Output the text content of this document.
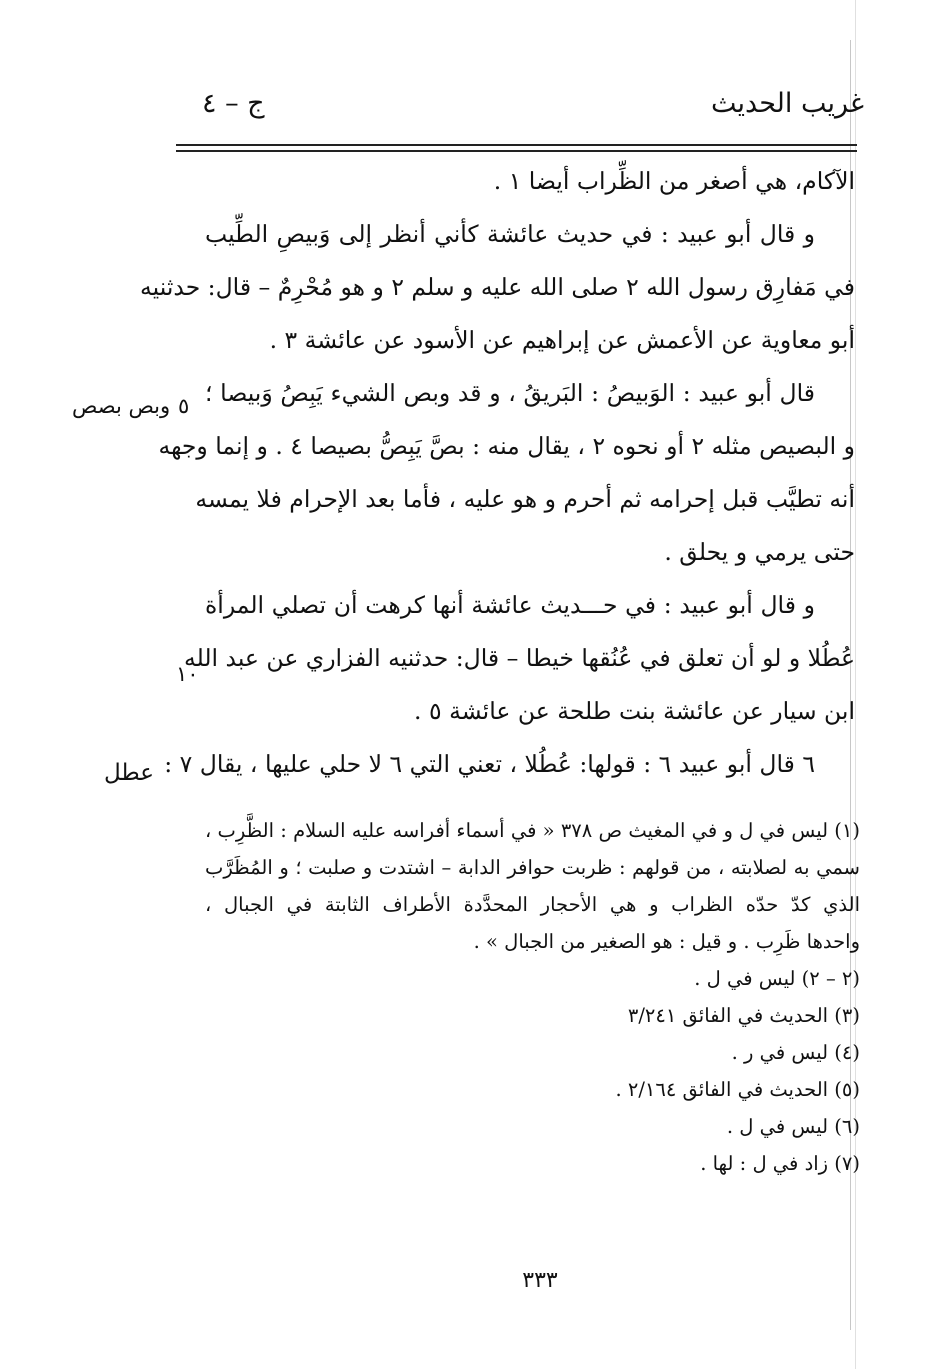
غريب الحديث
ج – ٤
الآكام، هي أصغر من الظِّراب أيضا ١ .
و قال أبو عبيد : في حديث عائشة كأني أنظر إلى وَبيصِ الطِّيب
في مَفارِق رسول الله ٢ صلى الله عليه و سلم ٢ و هو مُحْرِمٌ – قال: حدثنيه
أبو معاوية عن الأعمش عن إبراهيم عن الأسود عن عائشة ٣ .
قال أبو عبيد : الوَبيصُ : البَريقُ ، و قد وبص الشيء يَبِصُ وَبيصا ؛
و البصيص مثله ٢ أو نحوه ٢ ، يقال منه : بصَّ يَبِصُّ بصيصا ٤ . و إنما وجهه
أنه تطيَّب قبل إحرامه ثم أحرم و هو عليه ، فأما بعد الإحرام فلا يمسه
حتى يرمي و يحلق .
و قال أبو عبيد : في حـــديث عائشة أنها كرهت أن تصلي المرأة
عُطُلا و لو أن تعلق في عُنُقها خيطا – قال: حدثنيه الفزاري عن عبد الله
ابن سيار عن عائشة بنت طلحة عن عائشة ٥ .
٦ قال أبو عبيد ٦ : قولها: عُطُلا ، تعني التي ٦ لا حلي عليها ، يقال ٧ :
وبص بصص ٥
١٠
عطل
(١) ليس في ل و في المغيث ص ٣٧٨ « في أسماء أفراسه عليه السلام : الظَّرِب ،
سمي به لصلابته ، من قولهم : ظربت حوافر الدابة – اشتدت و صلبت ؛ و المُظَرَّب
الذي كدّ حدّه الظراب و هي الأحجار المحدَّدة الأطراف الثابتة في الجبال ،
واحدها ظَرِب . و قيل : هو الصغير من الجبال » .
(٢ – ٢) ليس في ل .
(٣) الحديث في الفائق ٣/٢٤١
(٤) ليس في ر .
(٥) الحديث في الفائق ٢/١٦٤ .
(٦) ليس في ل .
(٧) زاد في ل : لها .
٣٣٣
